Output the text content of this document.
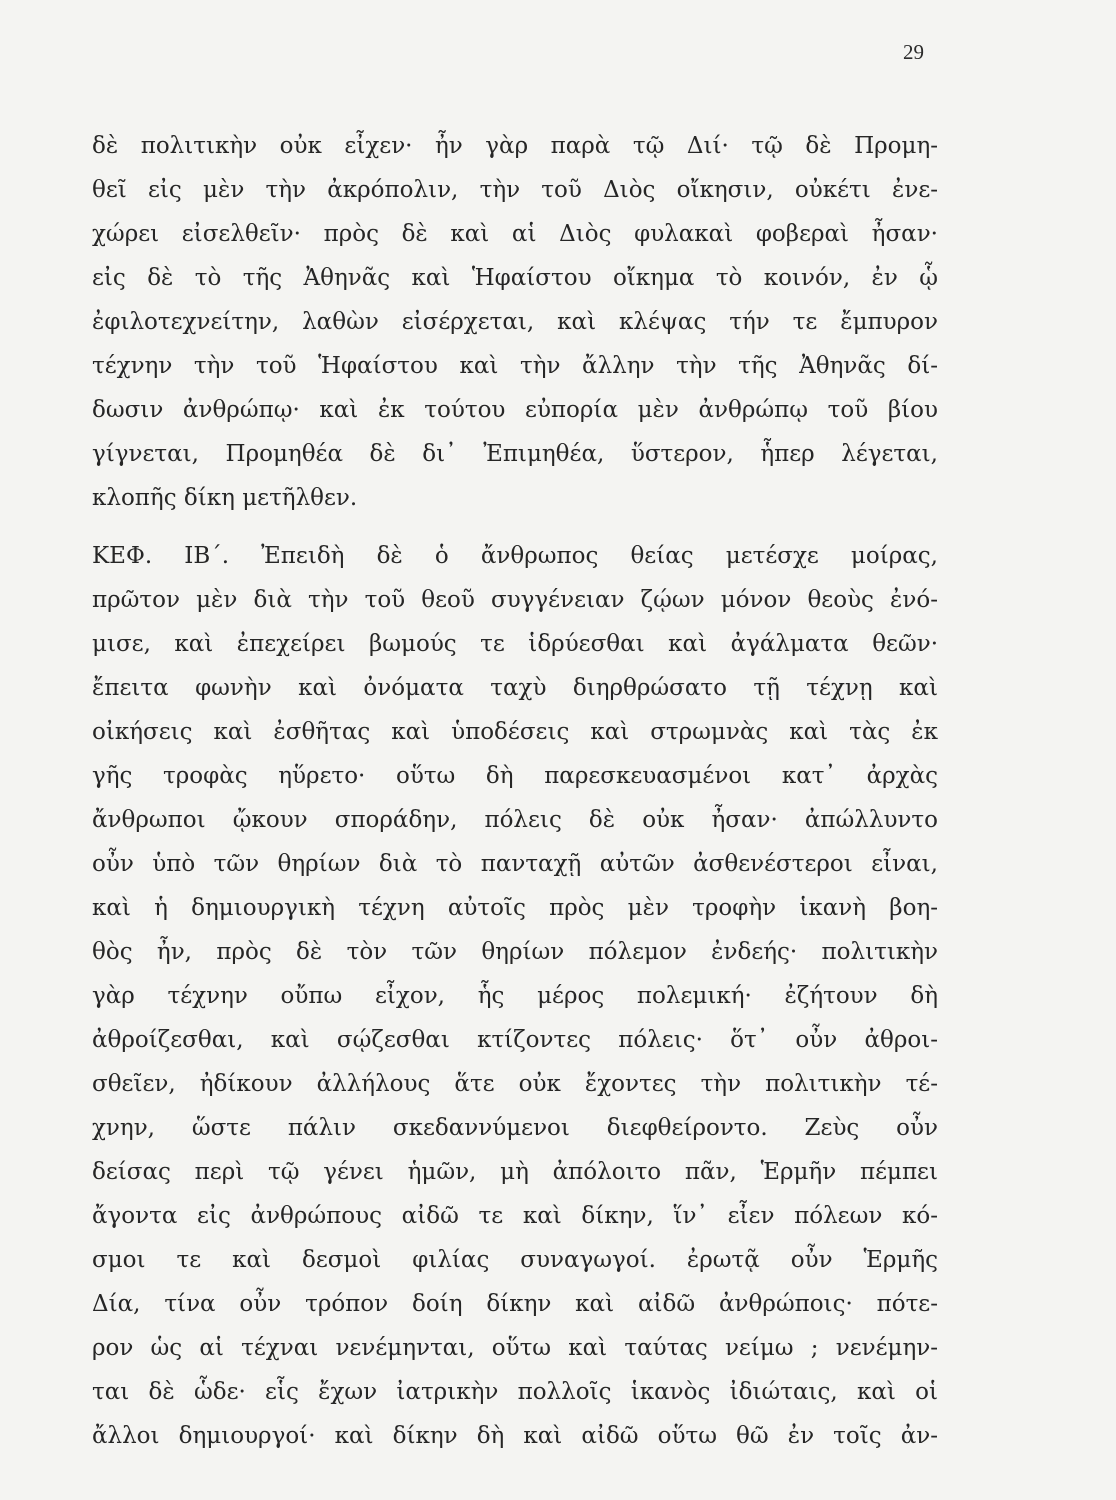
29
δὲ πολιτικὴν οὐκ εἶχεν· ἦν γὰρ παρὰ τῷ Διί· τῷ δὲ Προμη-
θεῖ εἰς μὲν τὴν ἀκρόπολιν, τὴν τοῦ Διὸς οἴκησιν, οὐκέτι ἐνε-
χώρει εἰσελθεῖν· πρὸς δὲ καὶ αἱ Διὸς φυλακαὶ φοβεραὶ ἦσαν·
εἰς δὲ τὸ τῆς Ἀθηνᾶς καὶ Ἡφαίστου οἴκημα τὸ κοινόν, ἐν ᾧ
ἐφιλοτεχνείτην, λαθὼν εἰσέρχεται, καὶ κλέψας τήν τε ἔμπυρον
τέχνην τὴν τοῦ Ἡφαίστου καὶ τὴν ἄλλην τὴν τῆς Ἀθηνᾶς δί-
δωσιν ἀνθρώπῳ· καὶ ἐκ τούτου εὐπορία μὲν ἀνθρώπῳ τοῦ βίου
γίγνεται, Προμηθέα δὲ δι᾽ Ἐπιμηθέα, ὕστερον, ἧπερ λέγεται,
κλοπῆς δίκη μετῆλθεν.
ΚΕΦ. ΙΒ΄. Ἐπειδὴ δὲ ὁ ἄνθρωπος θείας μετέσχε μοίρας,
πρῶτον μὲν διὰ τὴν τοῦ θεοῦ συγγένειαν ζῴων μόνον θεοὺς ἐνό-
μισε, καὶ ἐπεχείρει βωμούς τε ἱδρύεσθαι καὶ ἀγάλματα θεῶν·
ἔπειτα φωνὴν καὶ ὀνόματα ταχὺ διηρθρώσατο τῇ τέχνῃ καὶ
οἰκήσεις καὶ ἐσθῆτας καὶ ὑποδέσεις καὶ στρωμνὰς καὶ τὰς ἐκ
γῆς τροφὰς ηὕρετο· οὕτω δὴ παρεσκευασμένοι κατ᾽ ἀρχὰς
ἄνθρωποι ᾤκουν σποράδην, πόλεις δὲ οὐκ ἦσαν· ἀπώλλυντο
οὖν ὑπὸ τῶν θηρίων διὰ τὸ πανταχῇ αὐτῶν ἀσθενέστεροι εἶναι,
καὶ ἡ δημιουργικὴ τέχνη αὐτοῖς πρὸς μὲν τροφὴν ἱκανὴ βοη-
θὸς ἦν, πρὸς δὲ τὸν τῶν θηρίων πόλεμον ἐνδεής· πολιτικὴν
γὰρ τέχνην οὔπω εἶχον, ἧς μέρος πολεμική· ἐζήτουν δὴ
ἀθροίζεσθαι, καὶ σῴζεσθαι κτίζοντες πόλεις· ὅτ᾽ οὖν ἀθροι-
σθεῖεν, ἠδίκουν ἀλλήλους ἅτε οὐκ ἔχοντες τὴν πολιτικὴν τέ-
χνην, ὥστε πάλιν σκεδαννύμενοι διεφθείροντο. Ζεὺς οὖν
δείσας περὶ τῷ γένει ἡμῶν, μὴ ἀπόλοιτο πᾶν, Ἑρμῆν πέμπει
ἄγοντα εἰς ἀνθρώπους αἰδῶ τε καὶ δίκην, ἵν᾽ εἶεν πόλεων κό-
σμοι τε καὶ δεσμοὶ φιλίας συναγωγοί. ἐρωτᾷ οὖν Ἑρμῆς
Δία, τίνα οὖν τρόπον δοίη δίκην καὶ αἰδῶ ἀνθρώποις· πότε-
ρον ὡς αἱ τέχναι νενέμηνται, οὕτω καὶ ταύτας νείμω ; νενέμην-
ται δὲ ὧδε· εἷς ἔχων ἰατρικὴν πολλοῖς ἱκανὸς ἰδιώταις, καὶ οἱ
ἄλλοι δημιουργοί· καὶ δίκην δὴ καὶ αἰδῶ οὕτω θῶ ἐν τοῖς ἀν-
